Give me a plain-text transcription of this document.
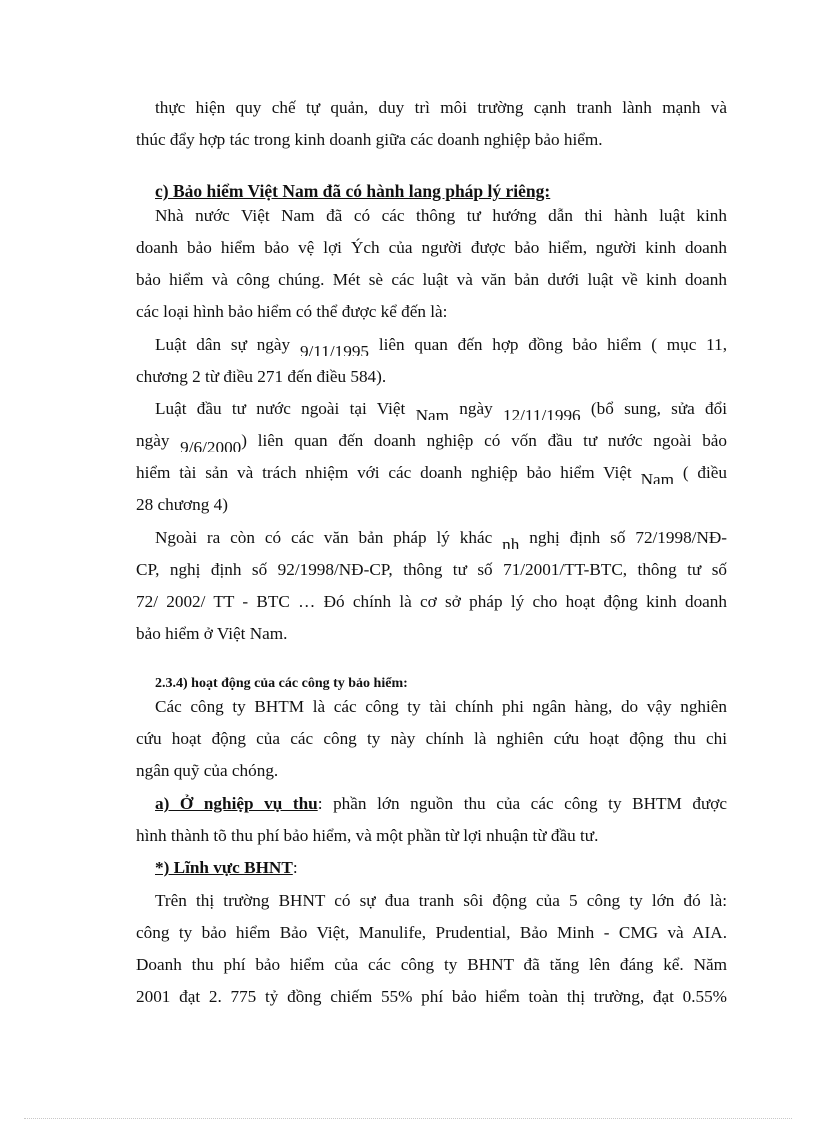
thực hiện quy chế tự quản, duy trì môi trường cạnh tranh lành mạnh và
thúc đẩy hợp tác trong kinh doanh giữa các doanh nghiệp bảo hiểm.
c) Bảo hiểm Việt Nam đã có hành lang pháp lý riêng:
Nhà nước Việt Nam đã có các thông tư hướng dẫn thi hành luật kinh
doanh bảo hiểm bảo vệ lợi Ých của người được bảo hiểm, người kinh doanh
bảo hiểm và công chúng. Mét sè các luật và văn bản dưới luật về kinh doanh
các loại hình bảo hiểm có thể được kể đến là:
Luật dân sự ngày 9/11/1995 liên quan đến hợp đồng bảo hiểm ( mục 11,
chương 2 từ điều 271 đến điều 584).
Luật đầu tư nước ngoài tại Việt Nam ngày 12/11/1996 (bổ sung, sửa đổi
ngày 9/6/2000) liên quan đến doanh nghiệp có vốn đầu tư nước ngoài bảo
hiểm tài sản và trách nhiệm với các doanh nghiệp bảo hiểm Việt Nam ( điều
28 chương 4)
Ngoài ra còn có các văn bản pháp lý khác nh nghị định số 72/1998/NĐ-
CP, nghị định số 92/1998/NĐ-CP, thông tư số 71/2001/TT-BTC, thông tư số
72/ 2002/ TT - BTC … Đó chính là cơ sở pháp lý cho hoạt động kinh doanh
bảo hiểm ở Việt Nam.
2.3.4) hoạt động của các công ty bảo hiểm:
Các công ty BHTM là các công ty tài chính phi ngân hàng, do vậy nghiên
cứu hoạt động của các công ty này chính là nghiên cứu hoạt động thu chi
ngân quỹ của chóng.
a) Ở nghiệp vụ thu: phần lớn nguồn thu của các công ty BHTM được
hình thành tõ thu phí bảo hiểm, và một phần từ lợi nhuận từ đầu tư.
*) Lĩnh vực BHNT:
Trên thị trường BHNT có sự đua tranh sôi động của 5 công ty lớn đó là:
công ty bảo hiểm Bảo Việt, Manulife, Prudential, Bảo Minh - CMG và AIA.
Doanh thu phí bảo hiểm của các công ty BHNT đã tăng lên đáng kể. Năm
2001 đạt 2. 775 tỷ đồng chiếm 55% phí bảo hiểm toàn thị trường, đạt 0.55%
